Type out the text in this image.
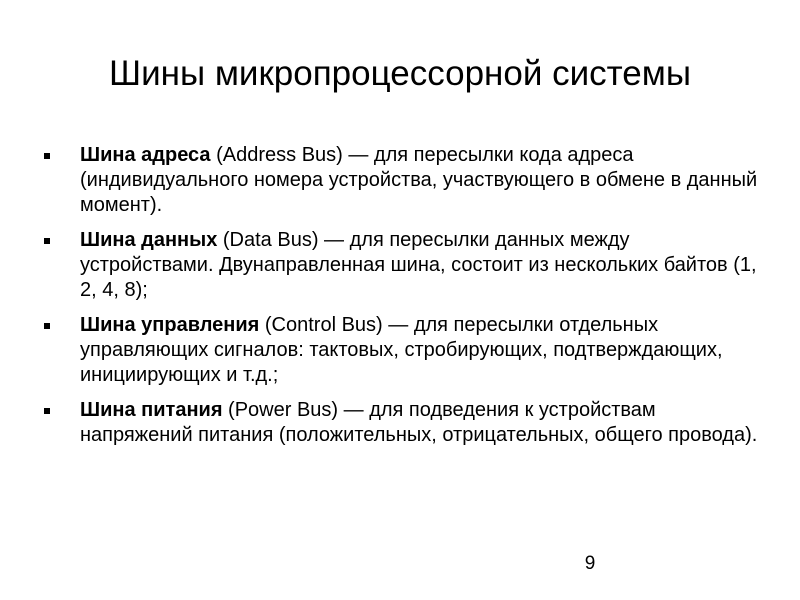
Шины микропроцессорной системы
Шина адреса (Address Bus) — для пересылки кода адреса (индивидуального номера устройства, участвующего в обмене в данный момент).
Шина данных (Data Bus) — для пересылки данных между устройствами. Двунаправленная шина, состоит из нескольких байтов (1, 2, 4, 8);
Шина управления (Control Bus) — для пересылки отдельных управляющих сигналов: тактовых, стробирующих, подтверждающих, инициирующих и т.д.;
Шина питания (Power Bus) — для подведения к устройствам напряжений питания (положительных, отрицательных, общего провода).
9
